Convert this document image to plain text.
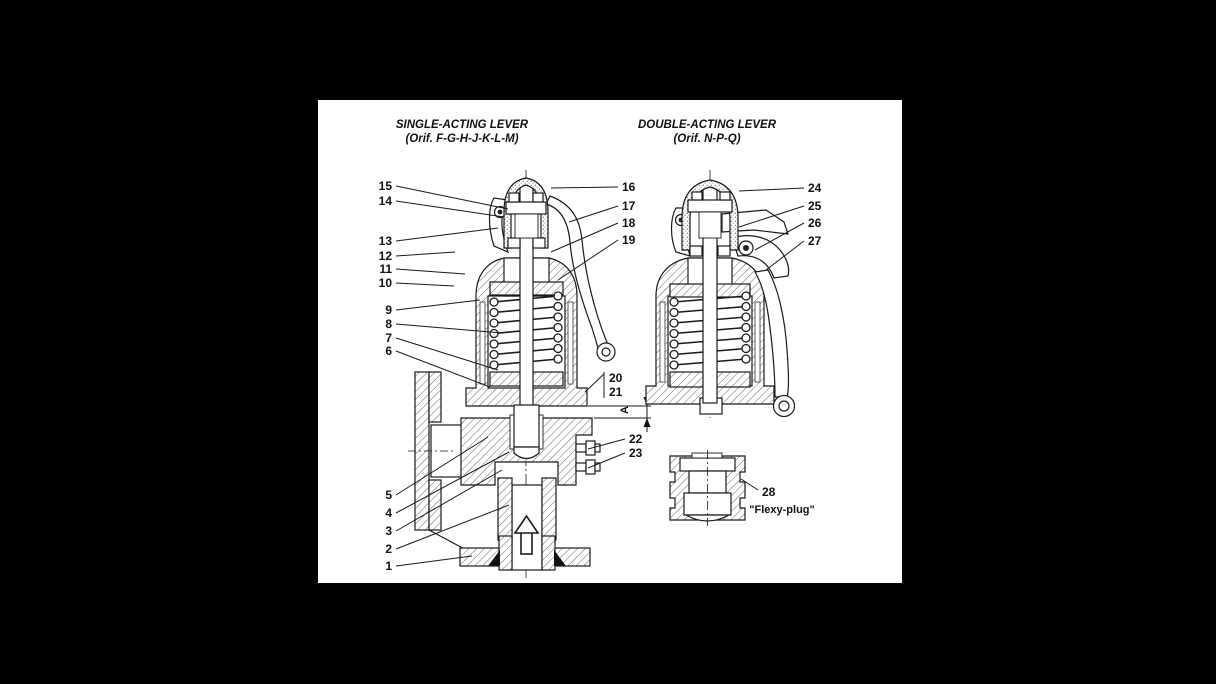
SINGLE-ACTING LEVER
(Orif. F-G-H-J-K-L-M)
DOUBLE-ACTING LEVER
(Orif. N-P-Q)
A
15
14
13
12
11
10
9
8
7
6
5
4
3
2
1
16
17
18
19
20
21
22
23
24
25
26
27
28
"Flexy-plug"
